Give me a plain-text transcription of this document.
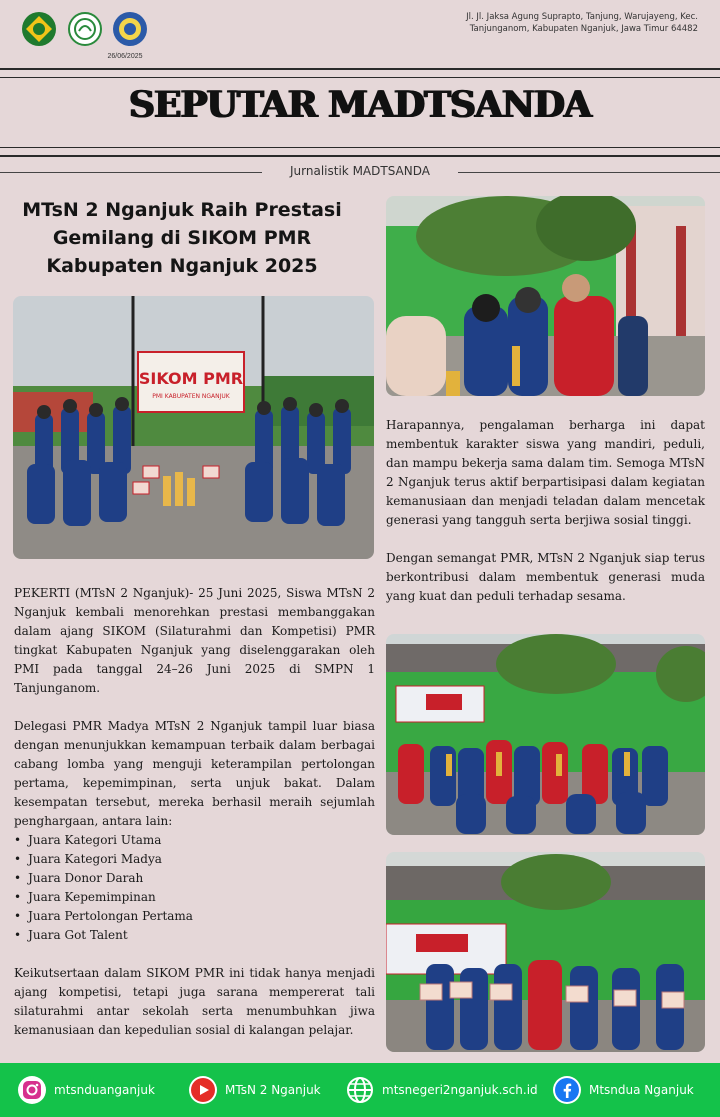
26/06/2025
Jl. Jl. Jaksa Agung Suprapto, Tanjung, Warujayeng, Kec. Tanjunganom, Kabupaten Nganjuk, Jawa Timur 64482
SEPUTAR MADTSANDA
Jurnalistik MADTSANDA
MTsN 2 Nganjuk Raih Prestasi Gemilang di SIKOM PMR Kabupaten Nganjuk 2025
SIKOM PMR
PMI KABUPATEN NGANJUK

PEKERTI (MTsN 2 Nganjuk)- 25 Juni 2025, Siswa MTsN 2 Nganjuk kembali menorehkan prestasi membanggakan dalam ajang SIKOM (Silaturahmi dan Kompetisi) PMR tingkat Kabupaten Nganjuk yang diselenggarakan oleh PMI pada tanggal 24–26 Juni 2025 di SMPN 1 Tanjunganom.

Delegasi PMR Madya MTsN 2 Nganjuk tampil luar biasa dengan menunjukkan kemampuan terbaik dalam berbagai cabang lomba yang menguji keterampilan pertolongan pertama, kepemimpinan, serta unjuk bakat. Dalam kesempatan tersebut, mereka berhasil meraih sejumlah penghargaan, antara lain:

• Juara Kategori Utama
• Juara Kategori Madya
• Juara Donor Darah
• Juara Kepemimpinan
• Juara Pertolongan Pertama
• Juara Got Talent

Keikutsertaan dalam SIKOM PMR ini tidak hanya menjadi ajang kompetisi, tetapi juga sarana mempererat tali silaturahmi antar sekolah serta menumbuhkan jiwa kemanusiaan dan kepedulian sosial di kalangan pelajar.

Harapannya, pengalaman berharga ini dapat membentuk karakter siswa yang mandiri, peduli, dan mampu bekerja sama dalam tim. Semoga MTsN 2 Nganjuk terus aktif berpartisipasi dalam kegiatan kemanusiaan dan menjadi teladan dalam mencetak generasi yang tangguh serta berjiwa sosial tinggi.

Dengan semangat PMR, MTsN 2 Nganjuk siap terus berkontribusi dalam membentuk generasi muda yang kuat dan peduli terhadap sesama.

mtsnduanganjuk	MTsN 2 Nganjuk	mtsnegeri2nganjuk.sch.id	Mtsndua Nganjuk
